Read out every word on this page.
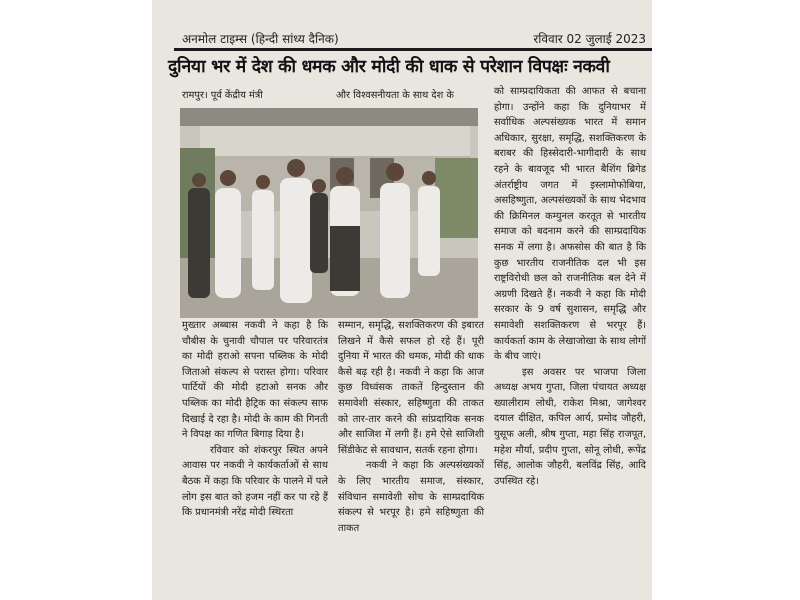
अनमोल टाइम्स (हिन्दी सांध्य दैनिक)	रविवार 02 जुलाई 2023
दुनिया भर में देश की धमक और मोदी की धाक से परेशान विपक्षः नकवी

रामपुर। पूर्व केंद्रीय मंत्री	और विश्वसनीयता के साथ देश के	को साम्प्रदायिकता की आफत से बचाना होगा। उन्होंने कहा कि दुनियाभर में सर्वाधिक अल्पसंख्यक भारत में समान अधिकार, सुरक्षा, समृद्धि, सशक्तिकरण के बराबर की हिस्सेदारी-भागीदारी के साथ रहने के बावजूद भी भारत बैशिंग ब्रिगेड अंतर्राष्ट्रीय जगत में इस्लामोफोबिया, असहिष्णुता, अल्पसंख्यकों के साथ भेदभाव की क्रिमिनल कम्युनल करतूत से भारतीय समाज को बदनाम करने की साम्प्रदायिक सनक में लगा है। अफसोस की बात है कि कुछ भारतीय राजनीतिक दल भी इस राष्ट्रविरोधी छल को राजनीतिक बल देने में अग्रणी दिखते हैं। नकवी ने कहा कि मोदी सरकार के 9 वर्ष सुशासन, समृद्धि और समावेशी सशक्तिकरण से भरपूर हैं। कार्यकर्ता काम के लेखाजोखा के साथ लोगों के बीच जाएं।

इस अवसर पर भाजपा जिला अध्यक्ष अभय गुप्ता, जिला पंचायत अध्यक्ष ख्यालीराम लोधी, राकेश मिश्रा, जागेश्वर दयाल दीक्षित, कपिल आर्य, प्रमोद जौहरी, युसूफ अली, श्रीष गुप्ता, महा सिंह राजपूत, महेश मौर्या, प्रदीप गुप्ता, सोनू लोधी, रूपेंद्र सिंह, आलोक जौहरी, बलविंद्र सिंह, आदि उपस्थित रहे।

मुख्तार अब्बास नकवी ने कहा है कि चौबीस के चुनावी चौपाल पर परिवारतंत्र का मोदी हराओ सपना पब्लिक के मोदी जिताओ संकल्प से परास्त होगा। परिवार पार्टियों की मोदी हटाओ सनक और पब्लिक का मोदी हैट्रिक का संकल्प साफ दिखाई दे रहा है। मोदी के काम की गिनती ने विपक्ष का गणित बिगाड़ दिया है।

रविवार को शंकरपुर स्थित अपने आवास पर नकवी ने कार्यकर्ताओं से साथ बैठक में कहा कि परिवार के पालने में पले लोग इस बात को हजम नहीं कर पा रहे हैं कि प्रधानमंत्री नरेंद्र मोदी स्थिरता

सम्मान, समृद्धि, सशक्तिकरण की इबारत लिखने में कैसे सफल हो रहे हैं। पूरी दुनिया में भारत की धमक, मोदी की धाक कैसे बढ़ रही है। नकवी ने कहा कि आज कुछ विध्वंसक ताकतें हिन्दुस्तान की समावेशी संस्कार, सहिष्णुता की ताकत को तार-तार करने की सांप्रदायिक सनक और साजिश में लगी हैं। हमे ऐसे साजिशी सिंडीकेट से सावधान, सतर्क रहना होगा।

नकवी ने कहा कि अल्पसंख्यकों के लिए भारतीय समाज, संस्कार, संविधान समावेशी सोच के साम्प्रदायिक संकल्प से भरपूर है। हमे सहिष्णुता की ताकत
